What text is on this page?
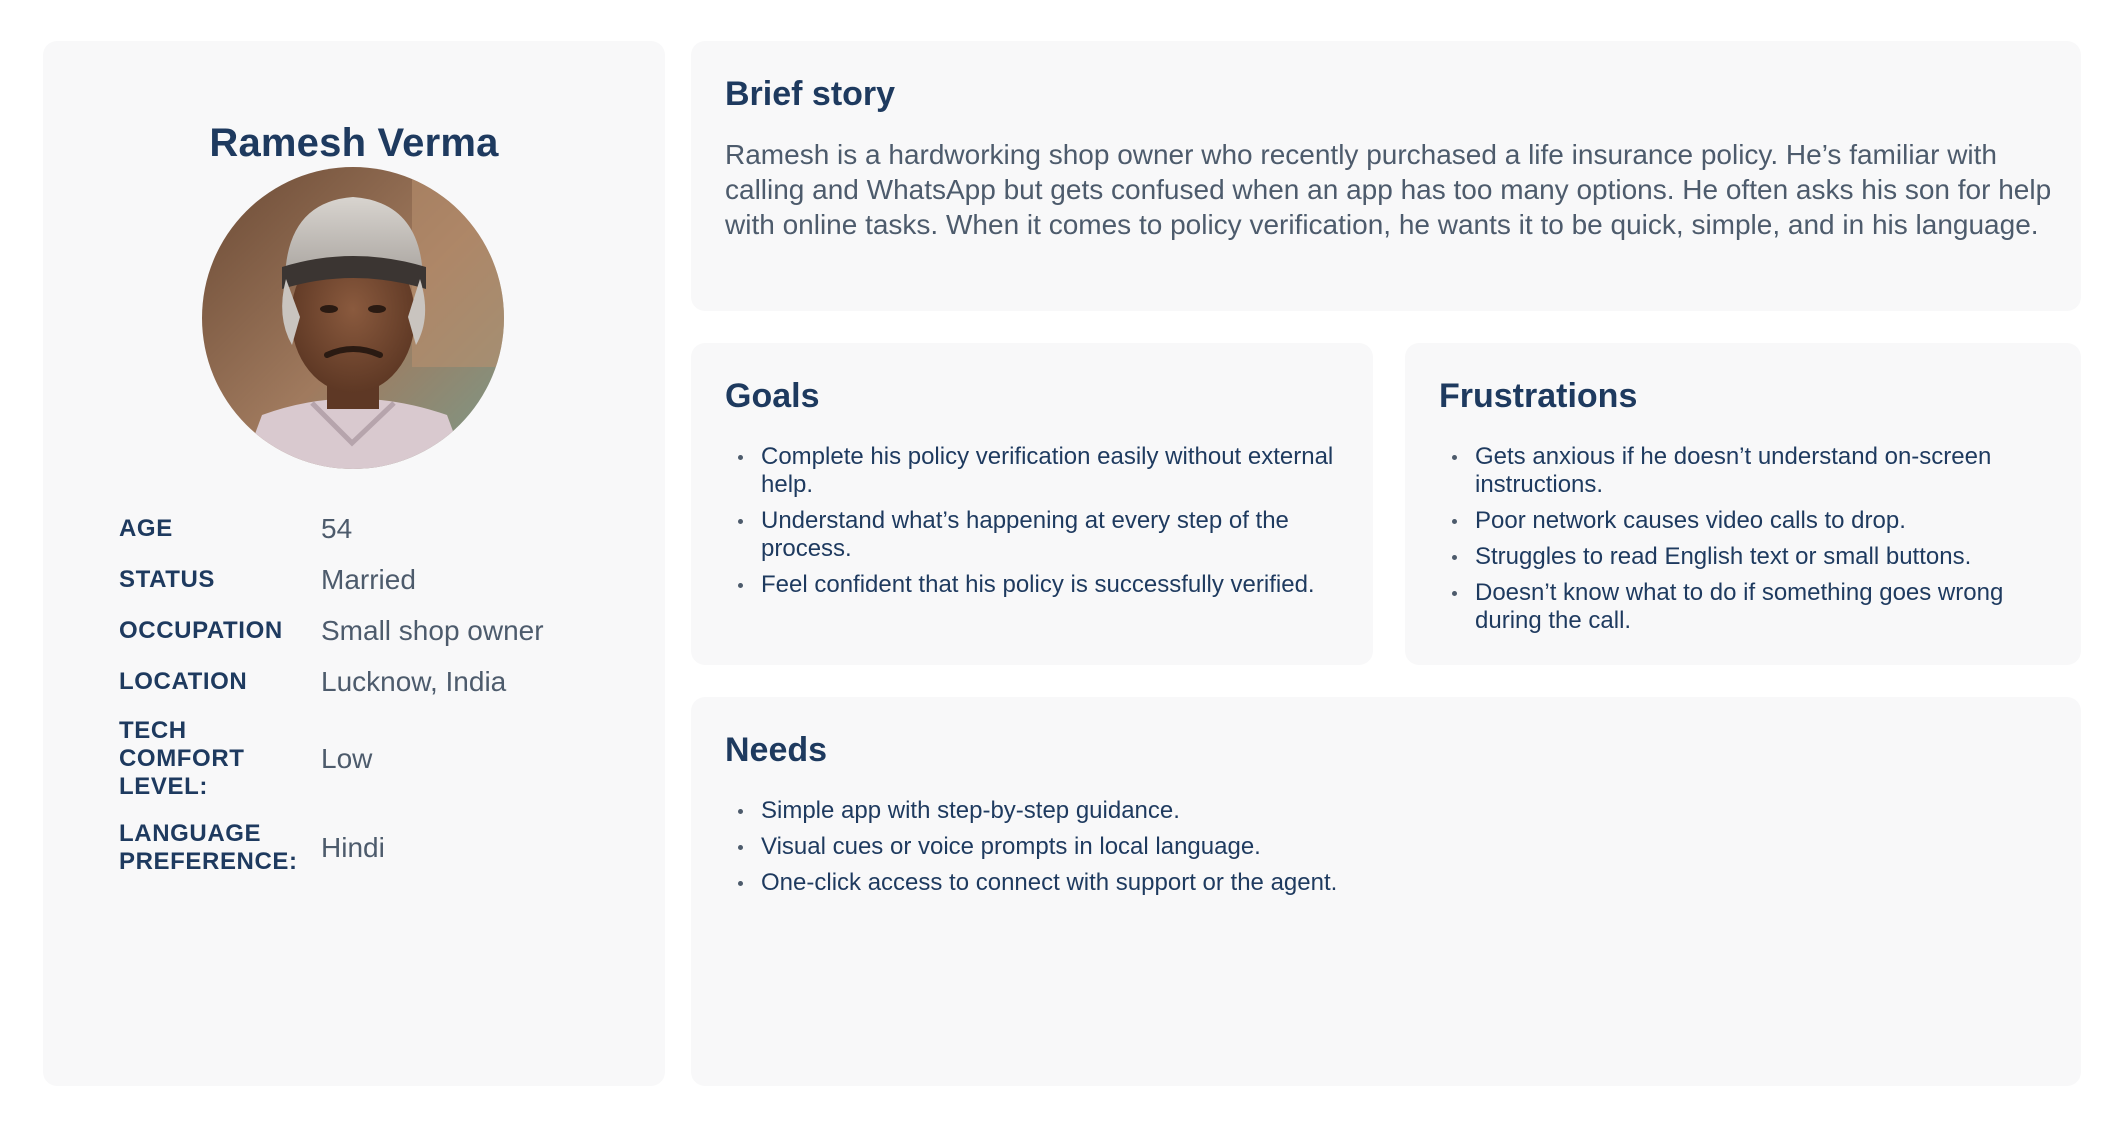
Ramesh Verma
AGE	54
STATUS	Married
OCCUPATION	Small shop owner
LOCATION	Lucknow, India
TECH COMFORT LEVEL:
Low
LANGUAGE PREFERENCE: Hindi
Brief story

Ramesh is a hardworking shop owner who recently purchased a life insurance policy. He’s familiar with calling and WhatsApp but gets confused when an app has too many options. He often asks his son for help with online tasks. When it comes to policy verification, he wants it to be quick, simple, and in his language.

Goals
Complete his policy verification easily without external help.
Understand what’s happening at every step of the process.
Feel confident that his policy is successfully verified.
Frustrations
Gets anxious if he doesn’t understand on-screen instructions.
Poor network causes video calls to drop.
Struggles to read English text or small buttons.
Doesn’t know what to do if something goes wrong during the call.
Needs
Simple app with step-by-step guidance.
Visual cues or voice prompts in local language.
One-click access to connect with support or the agent.
